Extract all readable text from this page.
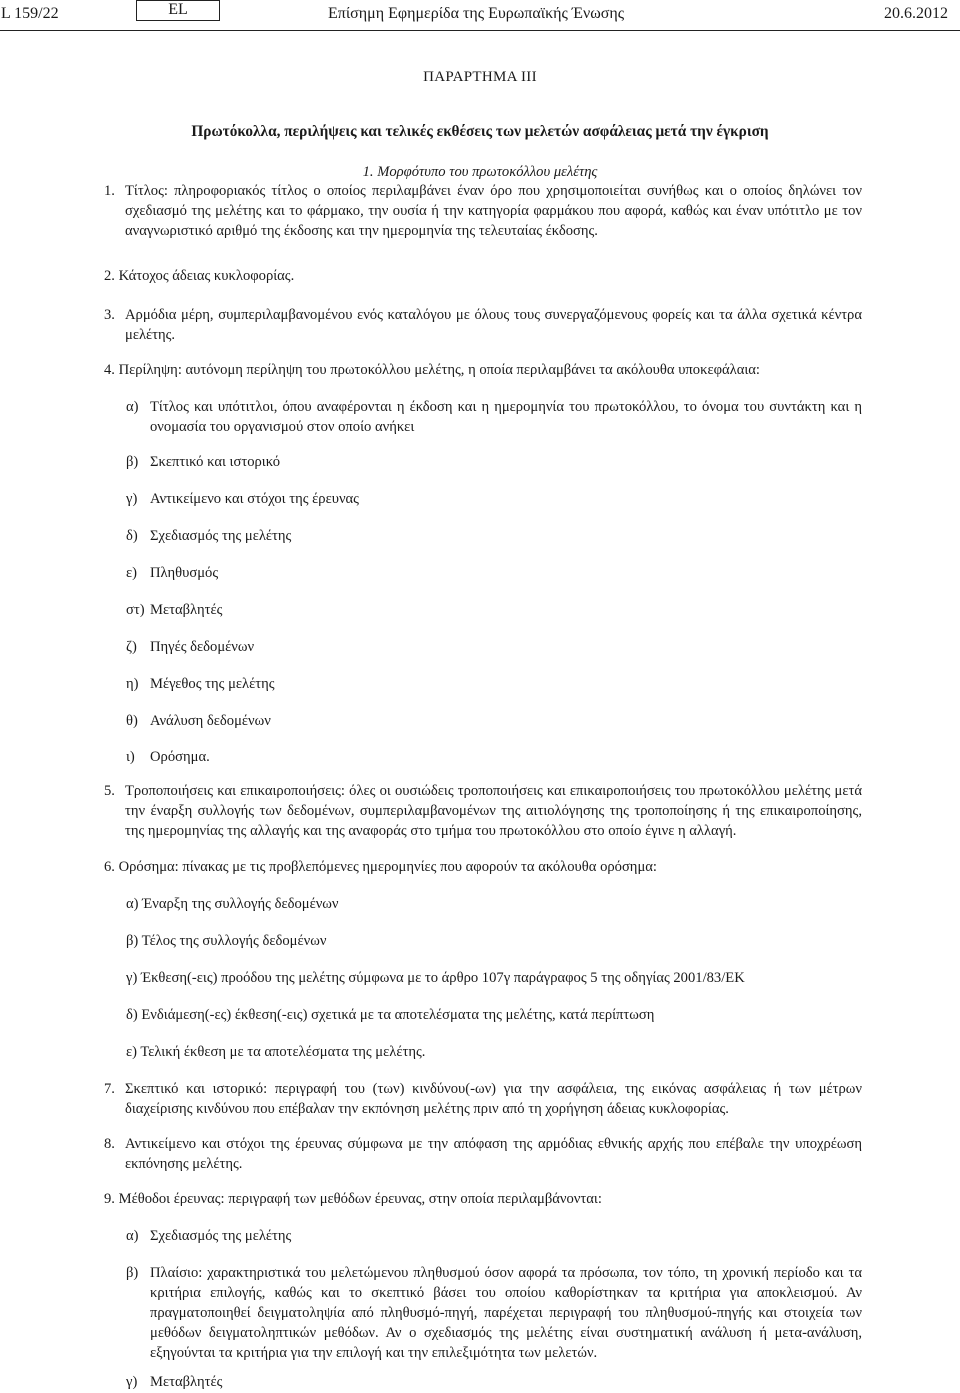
L 159/22	EL	Επίσημη Εφημερίδα της Ευρωπαϊκής Ένωσης	20.6.2012
ΠΑΡΑΡΤΗΜΑ ΙΙΙ
Πρωτόκολλα, περιλήψεις και τελικές εκθέσεις των μελετών ασφάλειας μετά την έγκριση
1. Μορφότυπο του πρωτοκόλλου μελέτης
1. Τίτλος: πληροφοριακός τίτλος ο οποίος περιλαμβάνει έναν όρο που χρησιμοποιείται συνήθως και ο οποίος δηλώνει τον σχεδιασμό της μελέτης και το φάρμακο, την ουσία ή την κατηγορία φαρμάκου που αφορά, καθώς και έναν υπότιτλο με τον αναγνωριστικό αριθμό της έκδοσης και την ημερομηνία της τελευταίας έκδοσης.
2. Κάτοχος άδειας κυκλοφορίας.
3. Αρμόδια μέρη, συμπεριλαμβανομένου ενός καταλόγου με όλους τους συνεργαζόμενους φορείς και τα άλλα σχετικά κέντρα μελέτης.
4. Περίληψη: αυτόνομη περίληψη του πρωτοκόλλου μελέτης, η οποία περιλαμβάνει τα ακόλουθα υποκεφάλαια:
α) Τίτλος και υπότιτλοι, όπου αναφέρονται η έκδοση και η ημερομηνία του πρωτοκόλλου, το όνομα του συντάκτη και η ονομασία του οργανισμού στον οποίο ανήκει
β) Σκεπτικό και ιστορικό
γ) Αντικείμενο και στόχοι της έρευνας
δ) Σχεδιασμός της μελέτης
ε) Πληθυσμός
στ) Μεταβλητές
ζ) Πηγές δεδομένων
η) Μέγεθος της μελέτης
θ) Ανάλυση δεδομένων
ι) Ορόσημα.
5. Τροποποιήσεις και επικαιροποιήσεις: όλες οι ουσιώδεις τροποποιήσεις και επικαιροποιήσεις του πρωτοκόλλου μελέτης μετά την έναρξη συλλογής των δεδομένων, συμπεριλαμβανομένων της αιτιολόγησης της τροποποίησης ή της επικαιροποίησης, της ημερομηνίας της αλλαγής και της αναφοράς στο τμήμα του πρωτοκόλλου στο οποίο έγινε η αλλαγή.
6. Ορόσημα: πίνακας με τις προβλεπόμενες ημερομηνίες που αφορούν τα ακόλουθα ορόσημα:
α) Έναρξη της συλλογής δεδομένων
β) Τέλος της συλλογής δεδομένων
γ) Έκθεση(-εις) προόδου της μελέτης σύμφωνα με το άρθρο 107γ παράγραφος 5 της οδηγίας 2001/83/ΕΚ
δ) Ενδιάμεση(-ες) έκθεση(-εις) σχετικά με τα αποτελέσματα της μελέτης, κατά περίπτωση
ε) Τελική έκθεση με τα αποτελέσματα της μελέτης.
7. Σκεπτικό και ιστορικό: περιγραφή του (των) κινδύνου(-ων) για την ασφάλεια, της εικόνας ασφάλειας ή των μέτρων διαχείρισης κινδύνου που επέβαλαν την εκπόνηση μελέτης πριν από τη χορήγηση άδειας κυκλοφορίας.
8. Αντικείμενο και στόχοι της έρευνας σύμφωνα με την απόφαση της αρμόδιας εθνικής αρχής που επέβαλε την υποχρέωση εκπόνησης μελέτης.
9. Μέθοδοι έρευνας: περιγραφή των μεθόδων έρευνας, στην οποία περιλαμβάνονται:
α) Σχεδιασμός της μελέτης
β) Πλαίσιο: χαρακτηριστικά του μελετώμενου πληθυσμού όσον αφορά τα πρόσωπα, τον τόπο, τη χρονική περίοδο και τα κριτήρια επιλογής, καθώς και το σκεπτικό βάσει του οποίου καθορίστηκαν τα κριτήρια για αποκλεισμού. Αν πραγματοποιηθεί δειγματοληψία από πληθυσμό-πηγή, παρέχεται περιγραφή του πληθυσμού-πηγής και στοιχεία των μεθόδων δειγματοληπτικών μεθόδων. Αν ο σχεδιασμός της μελέτης είναι συστηματική ανάλυση ή μετα-ανάλυση, εξηγούνται τα κριτήρια για την επιλογή και την επιλεξιμότητα των μελετών.
γ) Μεταβλητές
